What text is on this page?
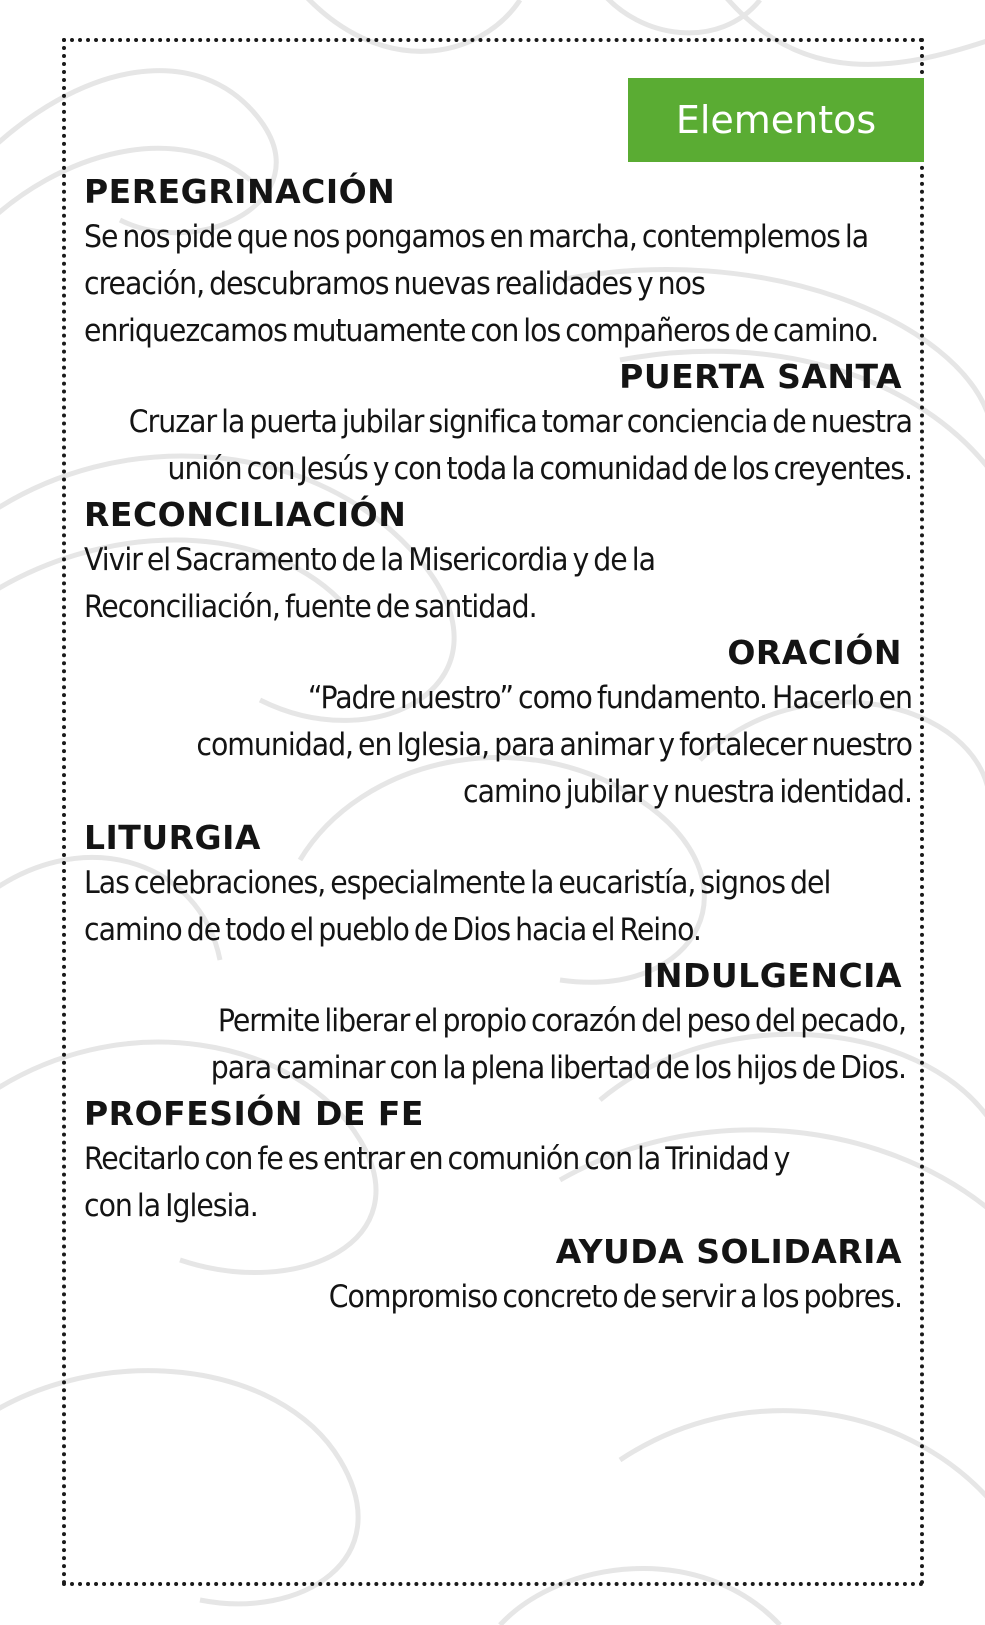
Elementos
PEREGRINACIÓN
Se nos pide que nos pongamos en marcha, contemplemos la creación, descubramos nuevas realidades y nos enriquezcamos mutuamente con los compañeros de camino.
PUERTA SANTA
Cruzar la puerta jubilar significa tomar conciencia de nuestra unión con Jesús y con toda la comunidad de los creyentes.
RECONCILIACIÓN
Vivir el Sacramento de la Misericordia y de la Reconciliación, fuente de santidad.
ORACIÓN
“Padre nuestro” como fundamento. Hacerlo en comunidad, en Iglesia, para animar y fortalecer nuestro camino jubilar y nuestra identidad.
LITURGIA
Las celebraciones, especialmente la eucaristía, signos del camino de todo el pueblo de Dios hacia el Reino.
INDULGENCIA
Permite liberar el propio corazón del peso del pecado, para caminar con la plena libertad de los hijos de Dios.
PROFESIÓN DE FE
Recitarlo con fe es entrar en comunión con la Trinidad y con la Iglesia.
AYUDA SOLIDARIA
Compromiso concreto de servir a los pobres.
